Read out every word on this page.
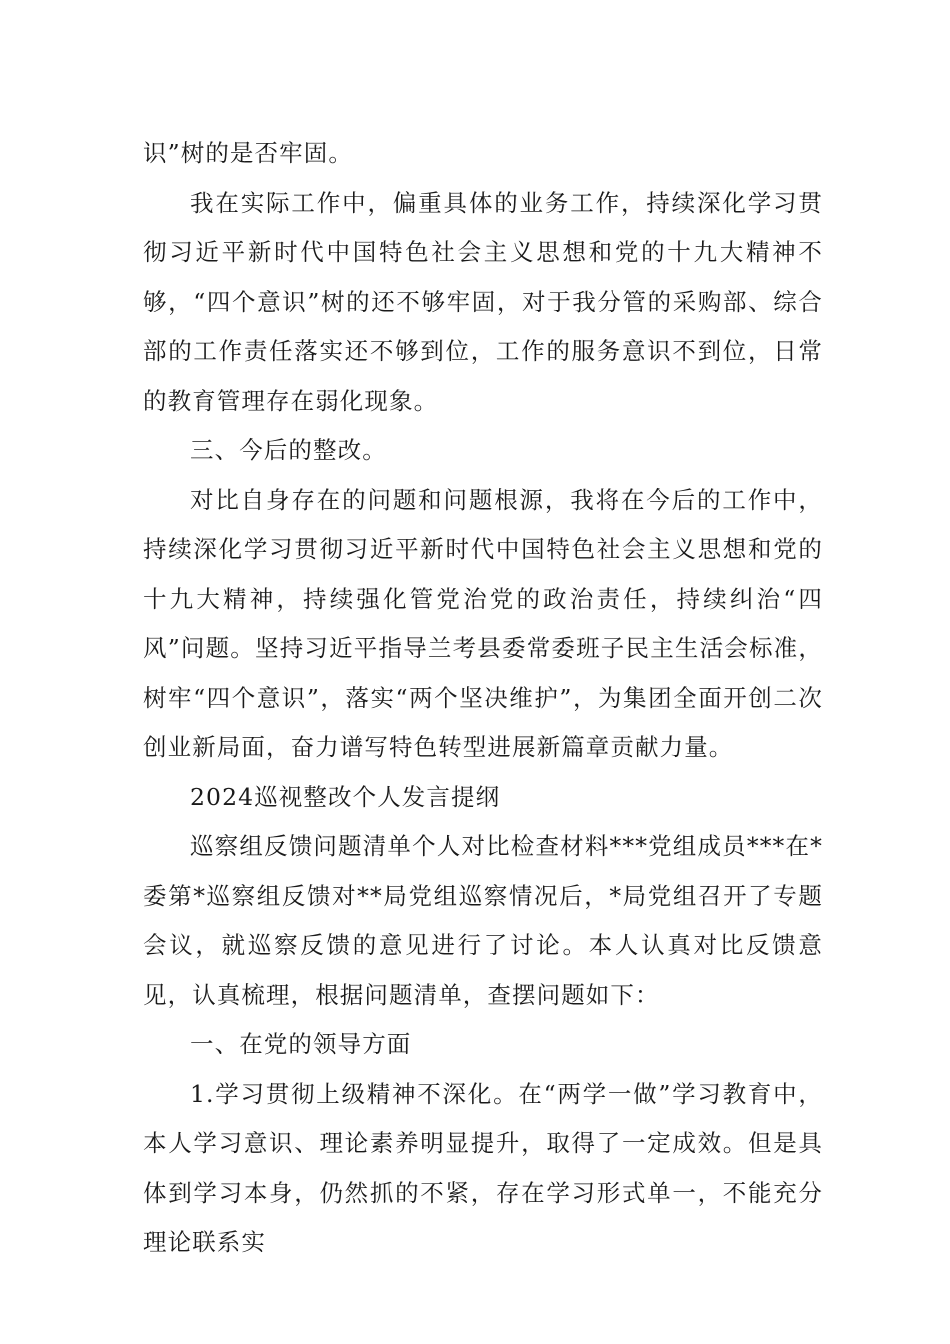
识”树的是否牢固。

我在实际工作中，偏重具体的业务工作，持续深化学习贯彻习近平新时代中国特色社会主义思想和党的十九大精神不够，“四个意识”树的还不够牢固，对于我分管的采购部、综合部的工作责任落实还不够到位，工作的服务意识不到位，日常的教育管理存在弱化现象。

三、今后的整改。

对比自身存在的问题和问题根源，我将在今后的工作中，持续深化学习贯彻习近平新时代中国特色社会主义思想和党的十九大精神，持续强化管党治党的政治责任，持续纠治“四风”问题。坚持习近平指导兰考县委常委班子民主生活会标准，树牢“四个意识”，落实“两个坚决维护”，为集团全面开创二次创业新局面，奋力谱写特色转型进展新篇章贡献力量。

2024巡视整改个人发言提纲

巡察组反馈问题清单个人对比检查材料***党组成员***在*委第*巡察组反馈对**局党组巡察情况后，*局党组召开了专题会议，就巡察反馈的意见进行了讨论。本人认真对比反馈意见，认真梳理，根据问题清单，查摆问题如下：

一、在党的领导方面

1.学习贯彻上级精神不深化。在“两学一做”学习教育中，本人学习意识、理论素养明显提升，取得了一定成效。但是具体到学习本身，仍然抓的不紧，存在学习形式单一，不能充分理论联系实
